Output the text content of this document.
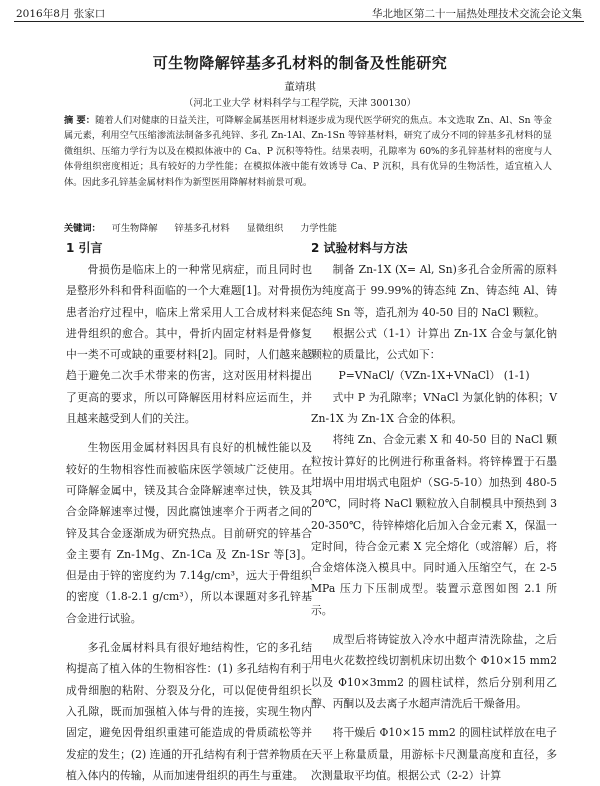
2016年8月 张家口	华北地区第二十一届热处理技术交流会论文集
可生物降解锌基多孔材料的制备及性能研究
董靖琪
（河北工业大学 材料科学与工程学院，天津 300130）
摘 要：随着人们对健康的日益关注，可降解金属基医用材料逐步成为现代医学研究的焦点。本文选取 Zn、Al、Sn 等金属元素，利用空气压缩渗流法制备多孔纯锌、多孔 Zn-1Al、Zn-1Sn 等锌基材料，研究了成分不同的锌基多孔材料的显微组织、压缩力学行为以及在模拟体液中的 Ca、P 沉积等特性。结果表明，孔隙率为 60%的多孔锌基材料的密度与人体骨组织密度相近；具有较好的力学性能；在模拟体液中能有效诱导 Ca、P 沉积，具有优异的生物活性，适宜植入人体。因此多孔锌基金属材料作为新型医用降解材料前景可观。
关键词： 可生物降解 锌基多孔材料 显微组织 力学性能
1 引言

骨损伤是临床上的一种常见病症，而且同时也是整形外科和骨科面临的一个大难题[1]。对骨损伤患者治疗过程中，临床上常采用人工合成材料来促进骨组织的愈合。其中，骨折内固定材料是骨修复中一类不可或缺的重要材料[2]。同时，人们越来越趋于避免二次手术带来的伤害，这对医用材料提出了更高的要求，所以可降解医用材料应运而生，并且越来越受到人们的关注。

生物医用金属材料因具有良好的机械性能以及较好的生物相容性而被临床医学领域广泛使用。在可降解金属中，镁及其合金降解速率过快，铁及其合金降解速率过慢，因此腐蚀速率介于两者之间的锌及其合金逐渐成为研究热点。目前研究的锌基合金主要有 Zn-1Mg、Zn-1Ca 及 Zn-1Sr 等[3]。但是由于锌的密度约为 7.14g/cm³，远大于骨组织的密度（1.8-2.1 g/cm³），所以本课题对多孔锌基合金进行试验。

多孔金属材料具有很好地结构性，它的多孔结构提高了植入体的生物相容性：(1) 多孔结构有利于成骨细胞的粘附、分裂及分化，可以促使骨组织长入孔隙，既而加强植入体与骨的连接，实现生物内固定，避免因骨组织重建可能造成的骨质疏松等并发症的发生；(2) 连通的开孔结构有利于营养物质在植入体内的传输，从而加速骨组织的再生与重建。

2 试验材料与方法

制备 Zn-1X (X= Al, Sn)多孔合金所需的原料为纯度高于 99.99%的铸态纯 Zn、铸态纯 Al、铸态纯 Sn 等，造孔剂为 40-50 目的 NaCl 颗粒。

根据公式（1-1）计算出 Zn-1X 合金与氯化钠颗粒的质量比，公式如下：

P=VNaCl/（VZn-1X+VNaCl） (1-1)

式中 P 为孔隙率；VNaCl 为氯化钠的体积；VZn-1X 为 Zn-1X 合金的体积。

将纯 Zn、合金元素 X 和 40-50 目的 NaCl 颗粒按计算好的比例进行称重备料。将锌棒置于石墨坩埚中用坩埚式电阻炉（SG-5-10）加热到 480-520℃，同时将 NaCl 颗粒放入自制模具中预热到 320-350℃，待锌棒熔化后加入合金元素 X，保温一定时间，待合金元素 X 完全熔化（或溶解）后，将合金熔体浇入模具中。同时通入压缩空气，在 2-5MPa 压力下压制成型。装置示意图如图 2.1 所示。

成型后将铸锭放入冷水中超声清洗除盐，之后用电火花数控线切割机床切出数个 Φ10×15 mm2 以及 Φ10×3mm2 的圆柱试样，然后分别利用乙醇、丙酮以及去离子水超声清洗后干燥备用。

将干燥后 Φ10×15 mm2 的圆柱试样放在电子天平上称量质量，用游标卡尺测量高度和直径，多次测量取平均值。根据公式（2-2）计算
